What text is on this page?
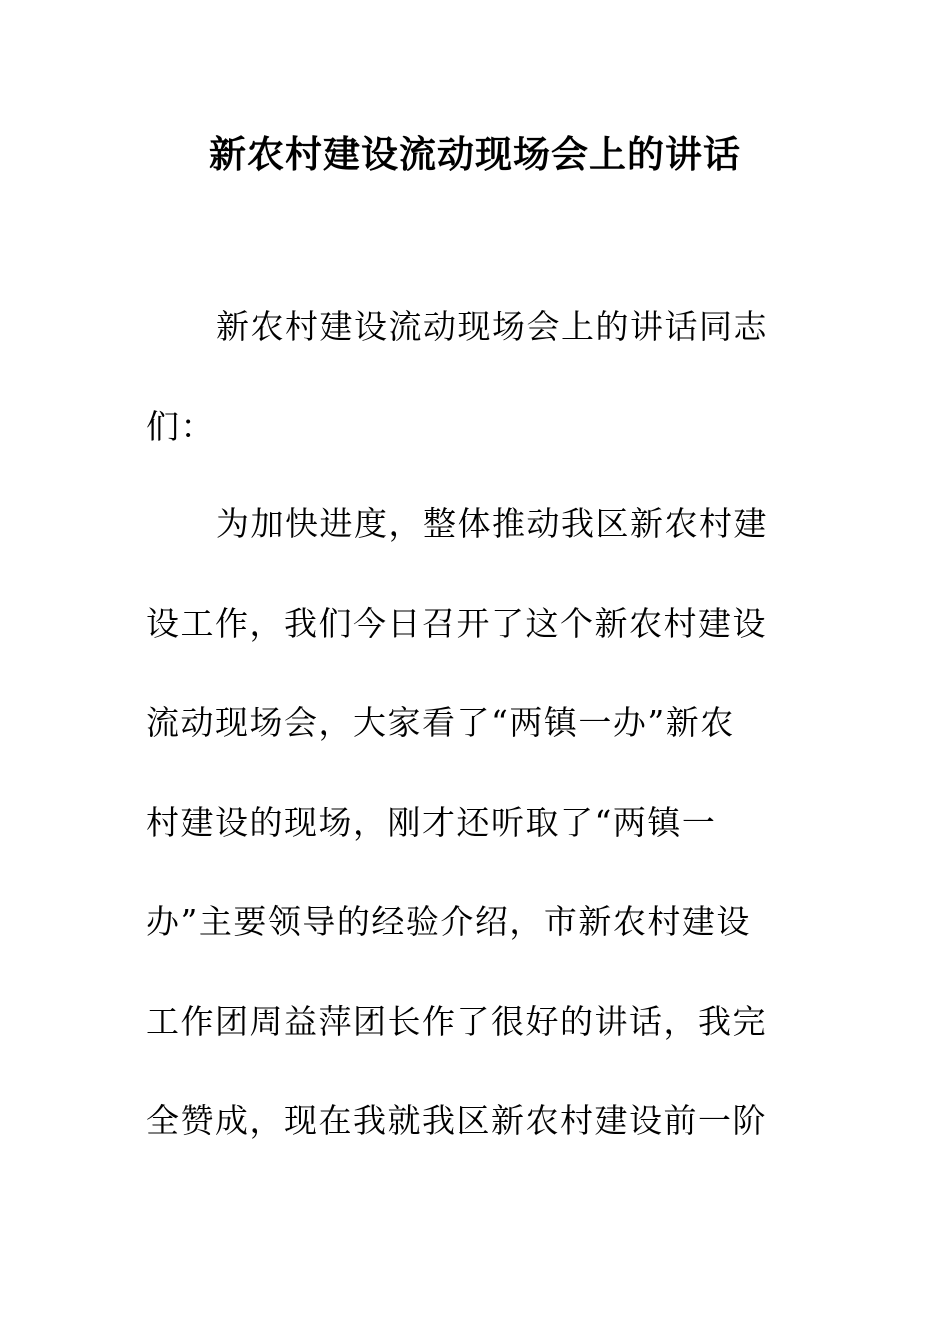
新农村建设流动现场会上的讲话
新农村建设流动现场会上的讲话同志
们：
为加快进度，整体推动我区新农村建
设工作，我们今日召开了这个新农村建设
流动现场会，大家看了“两镇一办”新农
村建设的现场，刚才还听取了“两镇一
办”主要领导的经验介绍，市新农村建设
工作团周益萍团长作了很好的讲话，我完
全赞成，现在我就我区新农村建设前一阶
